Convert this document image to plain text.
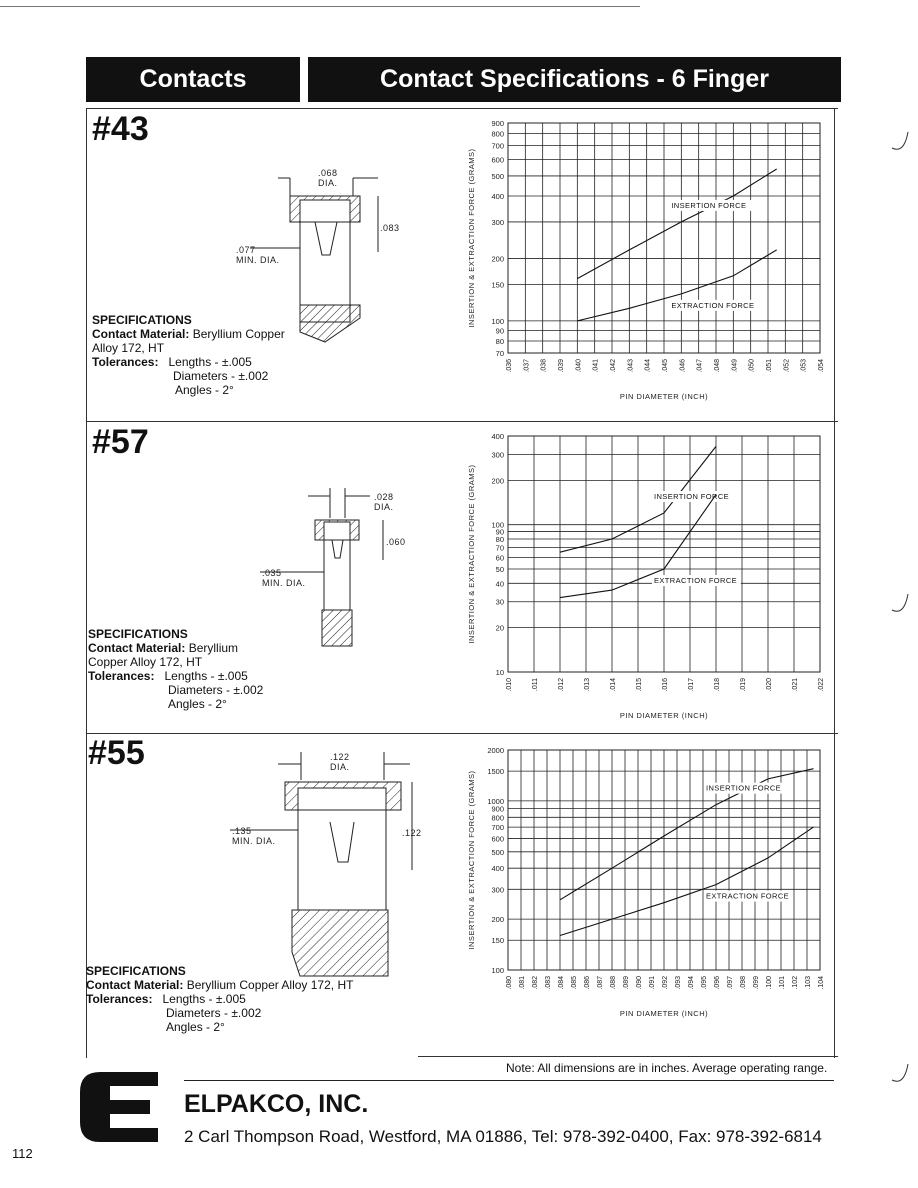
Contacts	Contact Specifications - 6 Finger
#43
.068
DIA.
.083
.077
MIN. DIA.
SPECIFICATIONS
Contact Material: Beryllium Copper
Alloy 172, HT
Tolerances: Lengths - ±.005
Diameters - ±.002
Angles - 2°
.036 .037 .038 .039 .040 .041 .042 .043 .044 .045 .046 .047 .048 .049 .050 .051 .052 .053 .054
70
80
90
100
150
200
300
400
500
600
700
800
900
INSERTION FORCE
EXTRACTION FORCE
PIN DIAMETER (INCH)
INSERTION & EXTRACTION FORCE (GRAMS)
#57
.028
DIA.
.060
.035
MIN. DIA.
SPECIFICATIONS
Contact Material: Beryllium
Copper Alloy 172, HT
Tolerances: Lengths - ±.005
Diameters - ±.002
Angles - 2°
.010	.011	.012	.013	.014	.015	.016	.017	.018	.019	.020	.021	.022
10
20
30
40
50
60
70
80
90
100
200
300
400
INSERTION FORCE
EXTRACTION FORCE
PIN DIAMETER (INCH)
INSERTION & EXTRACTION FORCE (GRAMS)
#55	.122
DIA.
.122
.135
MIN. DIA.
SPECIFICATIONS
Contact Material: Beryllium Copper Alloy 172, HT
Tolerances: Lengths - ±.005
Diameters - ±.002
Angles - 2°
.080 .081 .082 .083 .084 .085 .086 .087 .088 .089 .090 .091 .092 .093 .094 .095 .096 .097 .098 .099 .100 .101 .102 .103 .104
100
150
200
300
400
500
600
700
800
900
1000
1500
2000
INSERTION FORCE
EXTRACTION FORCE
PIN DIAMETER (INCH)
INSERTION & EXTRACTION FORCE (GRAMS)
Note: All dimensions are in inches. Average operating range.
ELPAKCO, INC.
2 Carl Thompson Road, Westford, MA 01886, Tel: 978-392-0400, Fax: 978-392-6814
112
